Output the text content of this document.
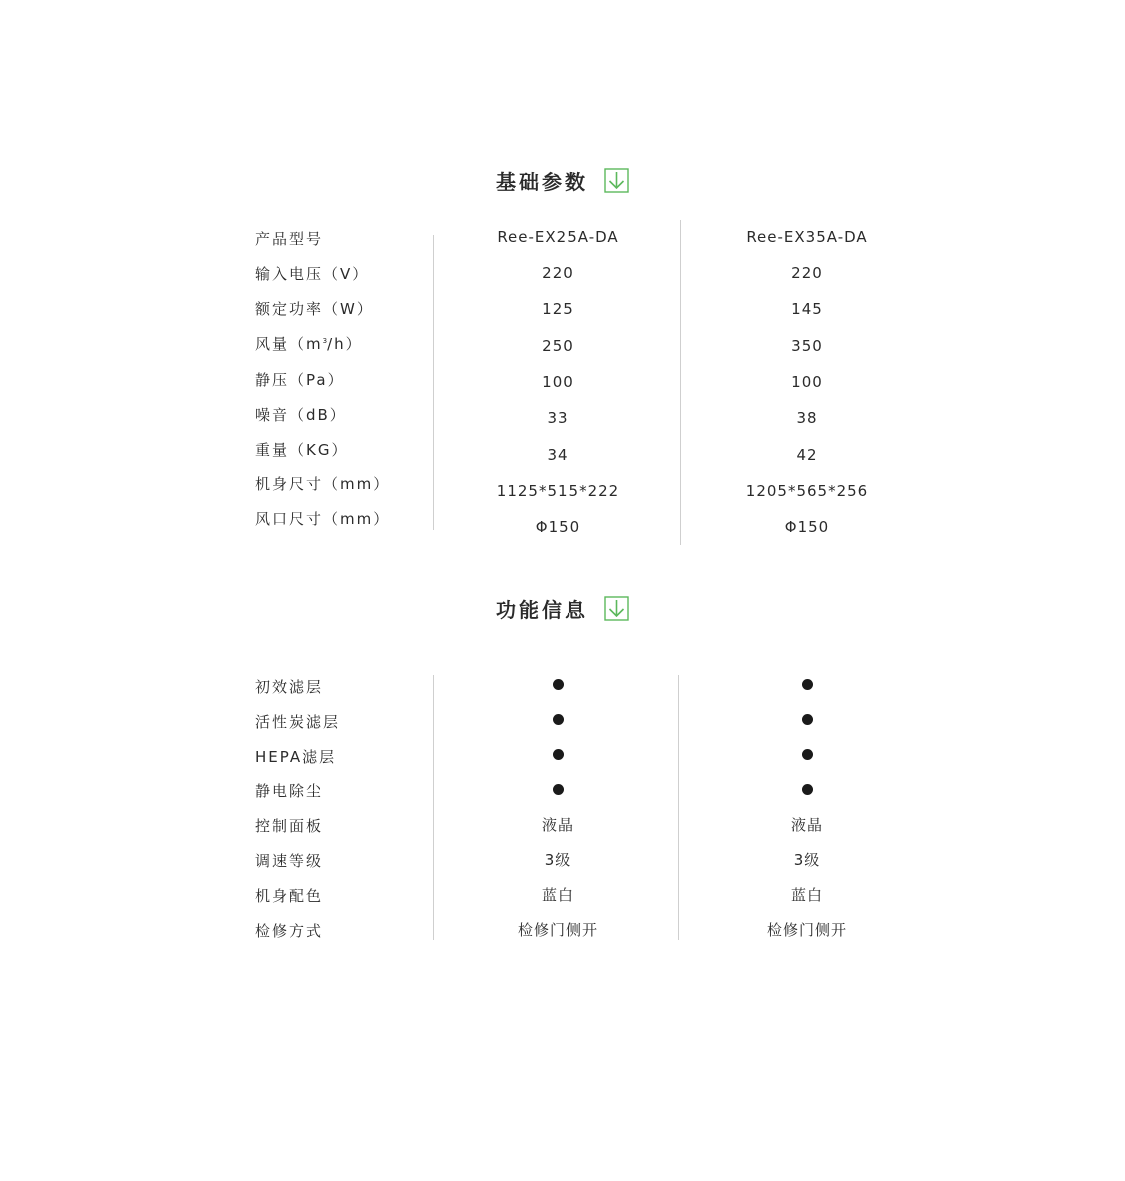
基础参数
产品型号
输入电压（V）
额定功率（W）
风量$(m^3/h)$
静压（Pa）
噪音（dB）
重量（KG）
机身尺寸（mm）
风口尺寸（mm）
Ree-EX25A-DA
220
125
250
100
33
34
1125*515*222
Φ150
Ree-EX35A-DA
220
145
350
100
38
42
1205*565*256
Φ150
功能信息
初效滤层
活性炭滤层
HEPA滤层
静电除尘
控制面板
调速等级
机身配色
检修方式
液晶
3级
蓝白
检修门侧开
液晶
3级
蓝白
检修门侧开
